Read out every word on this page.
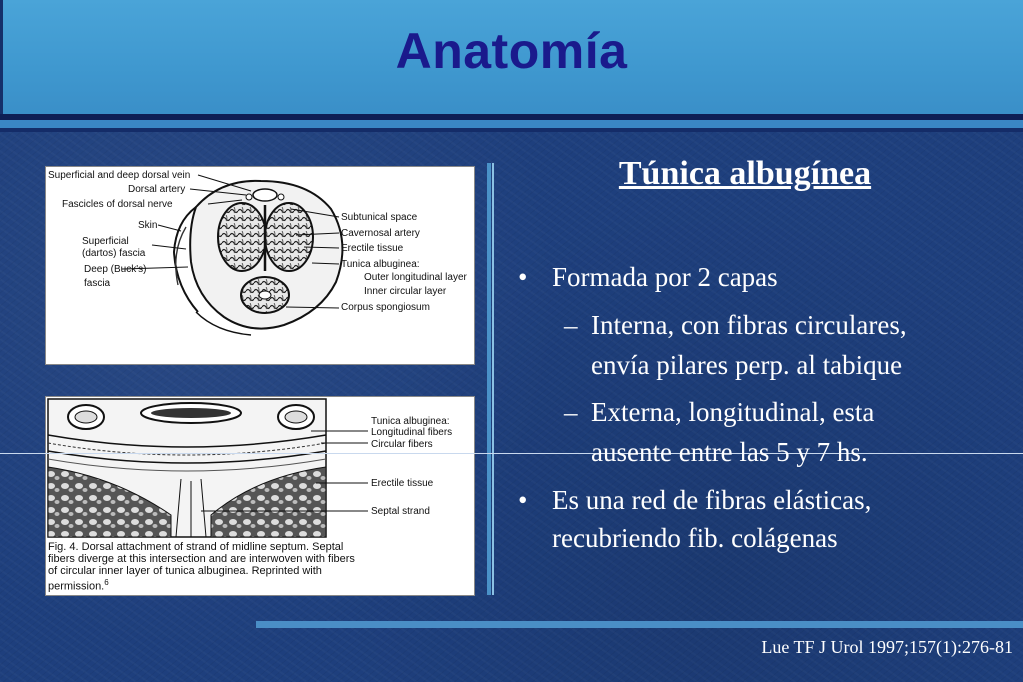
Anatomía
Superficial and deep dorsal vein
Dorsal artery
Fascicles of dorsal nerve
Skin
Superficial
(dartos) fascia
Deep (Buck's)
fascia
Subtunical space
Cavernosal artery
Erectile tissue
Tunica albuginea:
Outer longitudinal layer
Inner circular layer
Corpus spongiosum
Tunica albuginea:
Longitudinal fibers
Circular fibers
Erectile tissue
Septal strand
Fig. 4. Dorsal attachment of strand of midline septum. Septal
fibers diverge at this intersection and are interwoven with fibers
of circular inner layer of tunica albuginea. Reprinted with
permission.$^6$
Túnica albugínea
• Formada por 2 capas
– Interna, con fibras circulares,
envía pilares perp. al tabique
– Externa, longitudinal, esta
ausente entre las 5 y 7 hs.
• Es una red de fibras elásticas,
recubriendo fib. colágenas
Lue TF J Urol 1997;157(1):276-81
